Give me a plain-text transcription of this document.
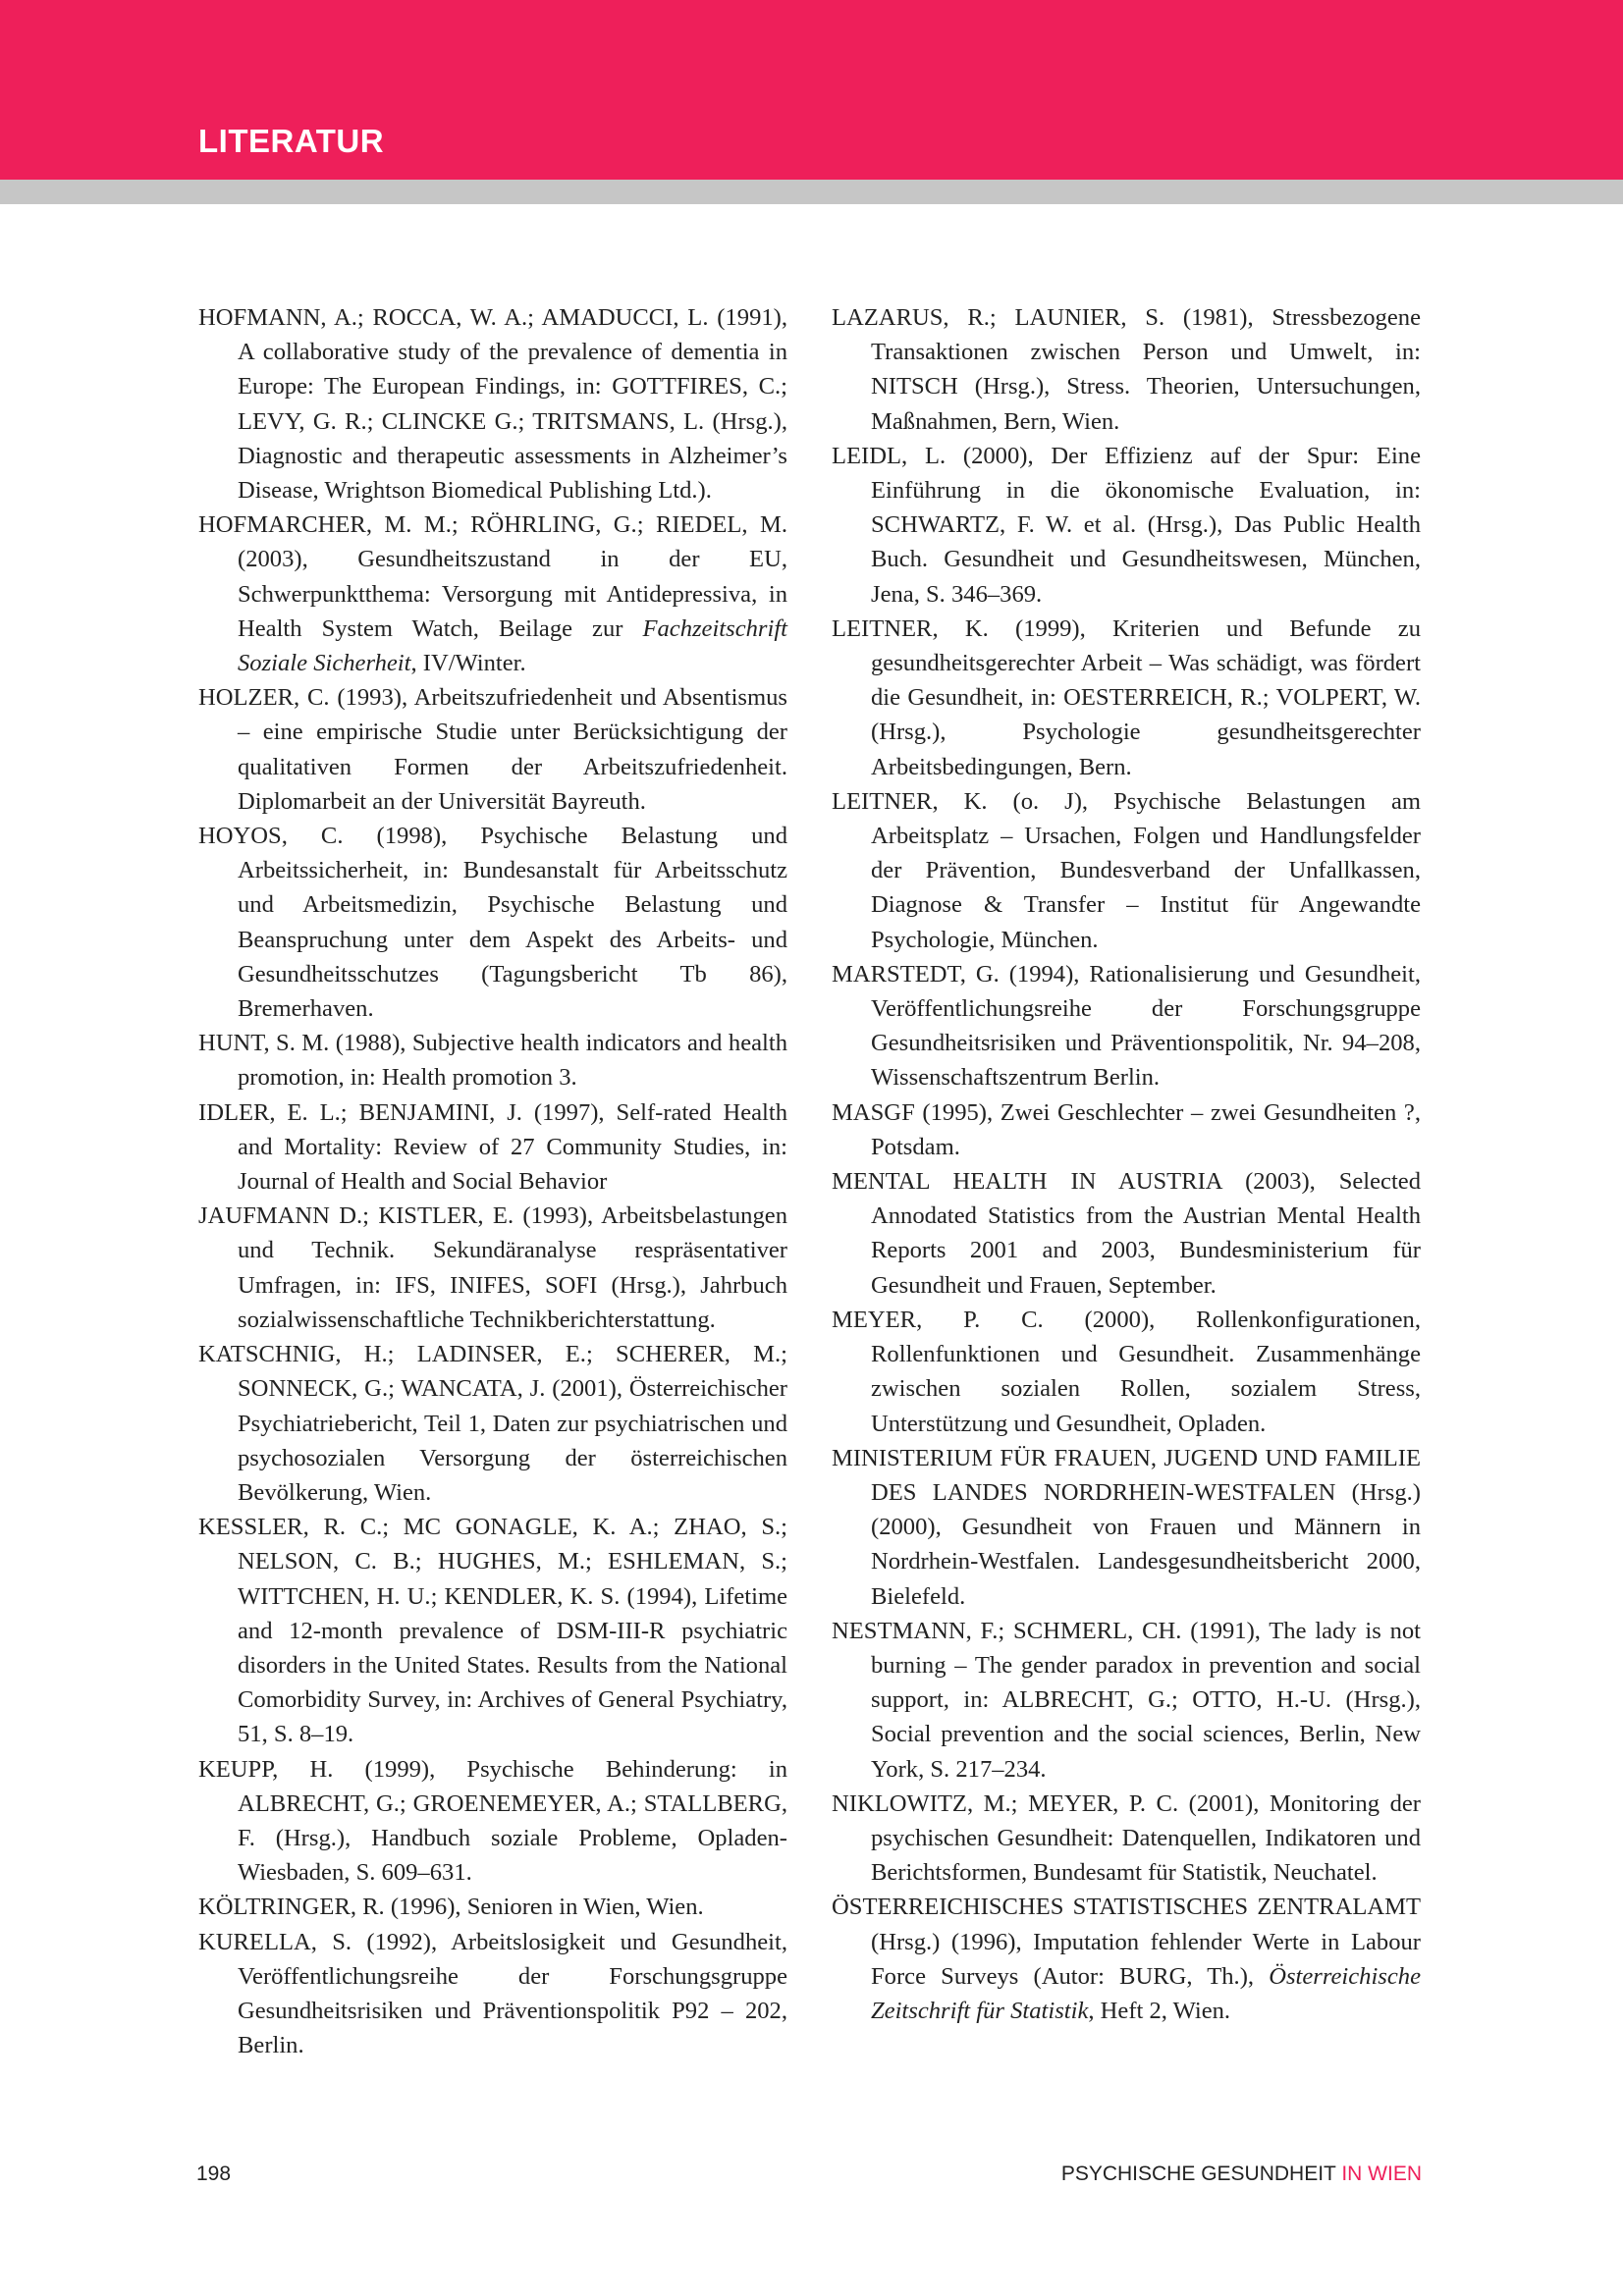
LITERATUR

HOFMANN, A.; ROCCA, W. A.; AMADUCCI, L. (1991), A collaborative study of the prevalence of dementia in Europe: The European Findings, in: GOTTFIRES, C.; LEVY, G. R.; CLINCKE G.; TRITSMANS, L. (Hrsg.), Diagnostic and therapeutic assessments in Alzheimer’s Disease, Wrightson Biomedical Publishing Ltd.).

HOFMARCHER, M. M.; RÖHRLING, G.; RIEDEL, M. (2003), Gesundheitszustand in der EU, Schwerpunktthema: Versorgung mit Antidepressiva, in Health System Watch, Beilage zur Fachzeitschrift Soziale Sicherheit, IV/Winter.

HOLZER, C. (1993), Arbeitszufriedenheit und Absentismus – eine empirische Studie unter Berücksichtigung der qualitativen Formen der Arbeitszufriedenheit. Diplomarbeit an der Universität Bayreuth.

HOYOS, C. (1998), Psychische Belastung und Arbeitssicherheit, in: Bundesanstalt für Arbeitsschutz und Arbeitsmedizin, Psychische Belastung und Beanspruchung unter dem Aspekt des Arbeits- und Gesundheitsschutzes (Tagungsbericht Tb 86), Bremerhaven.

HUNT, S. M. (1988), Subjective health indicators and health promotion, in: Health promotion 3.

IDLER, E. L.; BENJAMINI, J. (1997), Self-rated Health and Mortality: Review of 27 Community Studies, in: Journal of Health and Social Behavior

JAUFMANN D.; KISTLER, E. (1993), Arbeitsbelastungen und Technik. Sekundäranalyse respräsentativer Umfragen, in: IFS, INIFES, SOFI (Hrsg.), Jahrbuch sozialwissenschaftliche Technikberichterstattung.

KATSCHNIG, H.; LADINSER, E.; SCHERER, M.; SONNECK, G.; WANCATA, J. (2001), Österreichischer Psychiatriebericht, Teil 1, Daten zur psychiatrischen und psychosozialen Versorgung der österreichischen Bevölkerung, Wien.

KESSLER, R. C.; MC GONAGLE, K. A.; ZHAO, S.; NELSON, C. B.; HUGHES, M.; ESHLEMAN, S.; WITTCHEN, H. U.; KENDLER, K. S. (1994), Lifetime and 12-month prevalence of DSM-III-R psychiatric disorders in the United States. Results from the National Comorbidity Survey, in: Archives of General Psychiatry, 51, S. 8–19.

KEUPP, H. (1999), Psychische Behinderung: in ALBRECHT, G.; GROENEMEYER, A.; STALLBERG, F. (Hrsg.), Handbuch soziale Probleme, Opladen-Wiesbaden, S. 609–631.

KÖLTRINGER, R. (1996), Senioren in Wien, Wien.

KURELLA, S. (1992), Arbeitslosigkeit und Gesundheit, Veröffentlichungsreihe der Forschungsgruppe Gesundheitsrisiken und Präventionspolitik P92 – 202, Berlin.

LAZARUS, R.; LAUNIER, S. (1981), Stressbezogene Transaktionen zwischen Person und Umwelt, in: NITSCH (Hrsg.), Stress. Theorien, Untersuchungen, Maßnahmen, Bern, Wien.

LEIDL, L. (2000), Der Effizienz auf der Spur: Eine Einführung in die ökonomische Evaluation, in: SCHWARTZ, F. W. et al. (Hrsg.), Das Public Health Buch. Gesundheit und Gesundheitswesen, München, Jena, S. 346–369.

LEITNER, K. (1999), Kriterien und Befunde zu gesundheitsgerechter Arbeit – Was schädigt, was fördert die Gesundheit, in: OESTERREICH, R.; VOLPERT, W. (Hrsg.), Psychologie gesundheitsgerechter Arbeitsbedingungen, Bern.

LEITNER, K. (o. J), Psychische Belastungen am Arbeitsplatz – Ursachen, Folgen und Handlungsfelder der Prävention, Bundesverband der Unfallkassen, Diagnose & Transfer – Institut für Angewandte Psychologie, München.

MARSTEDT, G. (1994), Rationalisierung und Gesundheit, Veröffentlichungsreihe der Forschungsgruppe Gesundheitsrisiken und Präventionspolitik, Nr. 94–208, Wissenschaftszentrum Berlin.

MASGF (1995), Zwei Geschlechter – zwei Gesundheiten ?, Potsdam.

MENTAL HEALTH IN AUSTRIA (2003), Selected Annodated Statistics from the Austrian Mental Health Reports 2001 and 2003, Bundesministerium für Gesundheit und Frauen, September.

MEYER, P. C. (2000), Rollenkonfigurationen, Rollenfunktionen und Gesundheit. Zusammenhänge zwischen sozialen Rollen, sozialem Stress, Unterstützung und Gesundheit, Opladen.

MINISTERIUM FÜR FRAUEN, JUGEND UND FAMILIE DES LANDES NORDRHEIN-WESTFALEN (Hrsg.) (2000), Gesundheit von Frauen und Männern in Nordrhein-Westfalen. Landesgesundheitsbericht 2000, Bielefeld.

NESTMANN, F.; SCHMERL, CH. (1991), The lady is not burning – The gender paradox in prevention and social support, in: ALBRECHT, G.; OTTO, H.-U. (Hrsg.), Social prevention and the social sciences, Berlin, New York, S. 217–234.

NIKLOWITZ, M.; MEYER, P. C. (2001), Monitoring der psychischen Gesundheit: Datenquellen, Indikatoren und Berichtsformen, Bundesamt für Statistik, Neuchatel.

ÖSTERREICHISCHES STATISTISCHES ZENTRALAMT (Hrsg.) (1996), Imputation fehlender Werte in Labour Force Surveys (Autor: BURG, Th.), Österreichische Zeitschrift für Statistik, Heft 2, Wien.

198	PSYCHISCHE GESUNDHEIT IN WIEN
